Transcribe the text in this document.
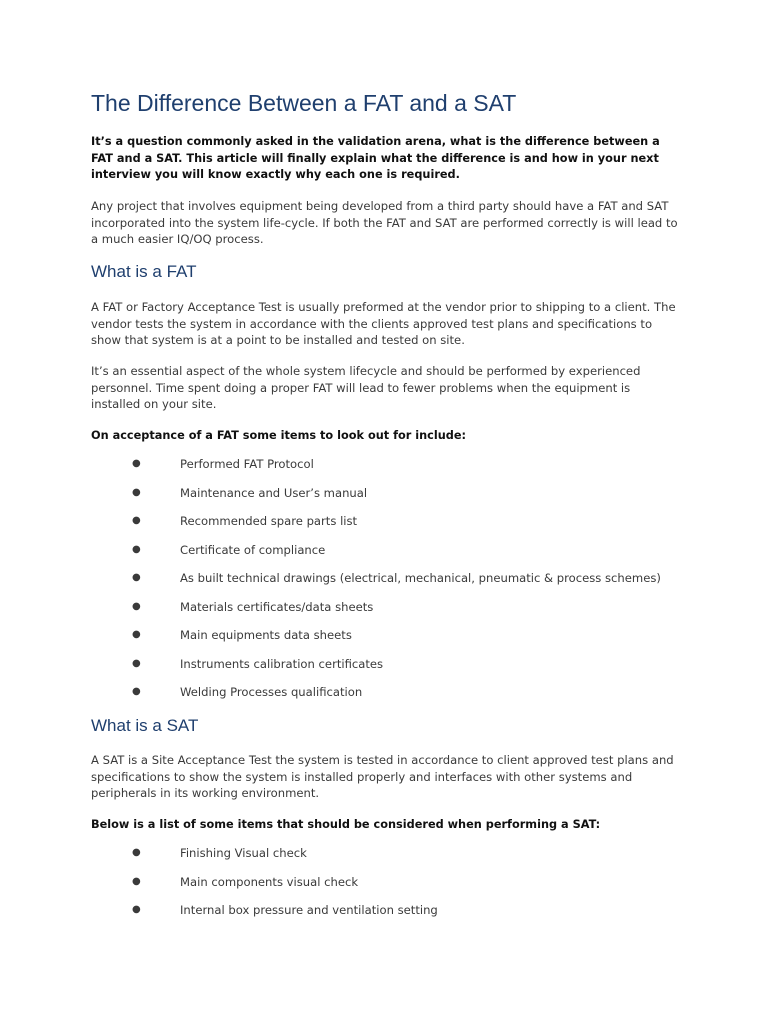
The Difference Between a FAT and a SAT

It’s a question commonly asked in the validation arena, what is the difference between a FAT and a SAT. This article will finally explain what the difference is and how in your next interview you will know exactly why each one is required.

Any project that involves equipment being developed from a third party should have a FAT and SAT incorporated into the system life-cycle. If both the FAT and SAT are performed correctly is will lead to a much easier IQ/OQ process.

What is a FAT

A FAT or Factory Acceptance Test is usually preformed at the vendor prior to shipping to a client. The vendor tests the system in accordance with the clients approved test plans and specifications to show that system is at a point to be installed and tested on site.

It’s an essential aspect of the whole system lifecycle and should be performed by experienced personnel. Time spent doing a proper FAT will lead to fewer problems when the equipment is installed on your site.

On acceptance of a FAT some items to look out for include:

●	Performed FAT Protocol
●	Maintenance and User’s manual
●	Recommended spare parts list
●	Certificate of compliance
●	As built technical drawings (electrical, mechanical, pneumatic & process schemes)
●	Materials certificates/data sheets
●	Main equipments data sheets
●	Instruments calibration certificates
●	Welding Processes qualification
What is a SAT

A SAT is a Site Acceptance Test the system is tested in accordance to client approved test plans and specifications to show the system is installed properly and interfaces with other systems and peripherals in its working environment.

Below is a list of some items that should be considered when performing a SAT:

●	Finishing Visual check
●	Main components visual check
●	Internal box pressure and ventilation setting
